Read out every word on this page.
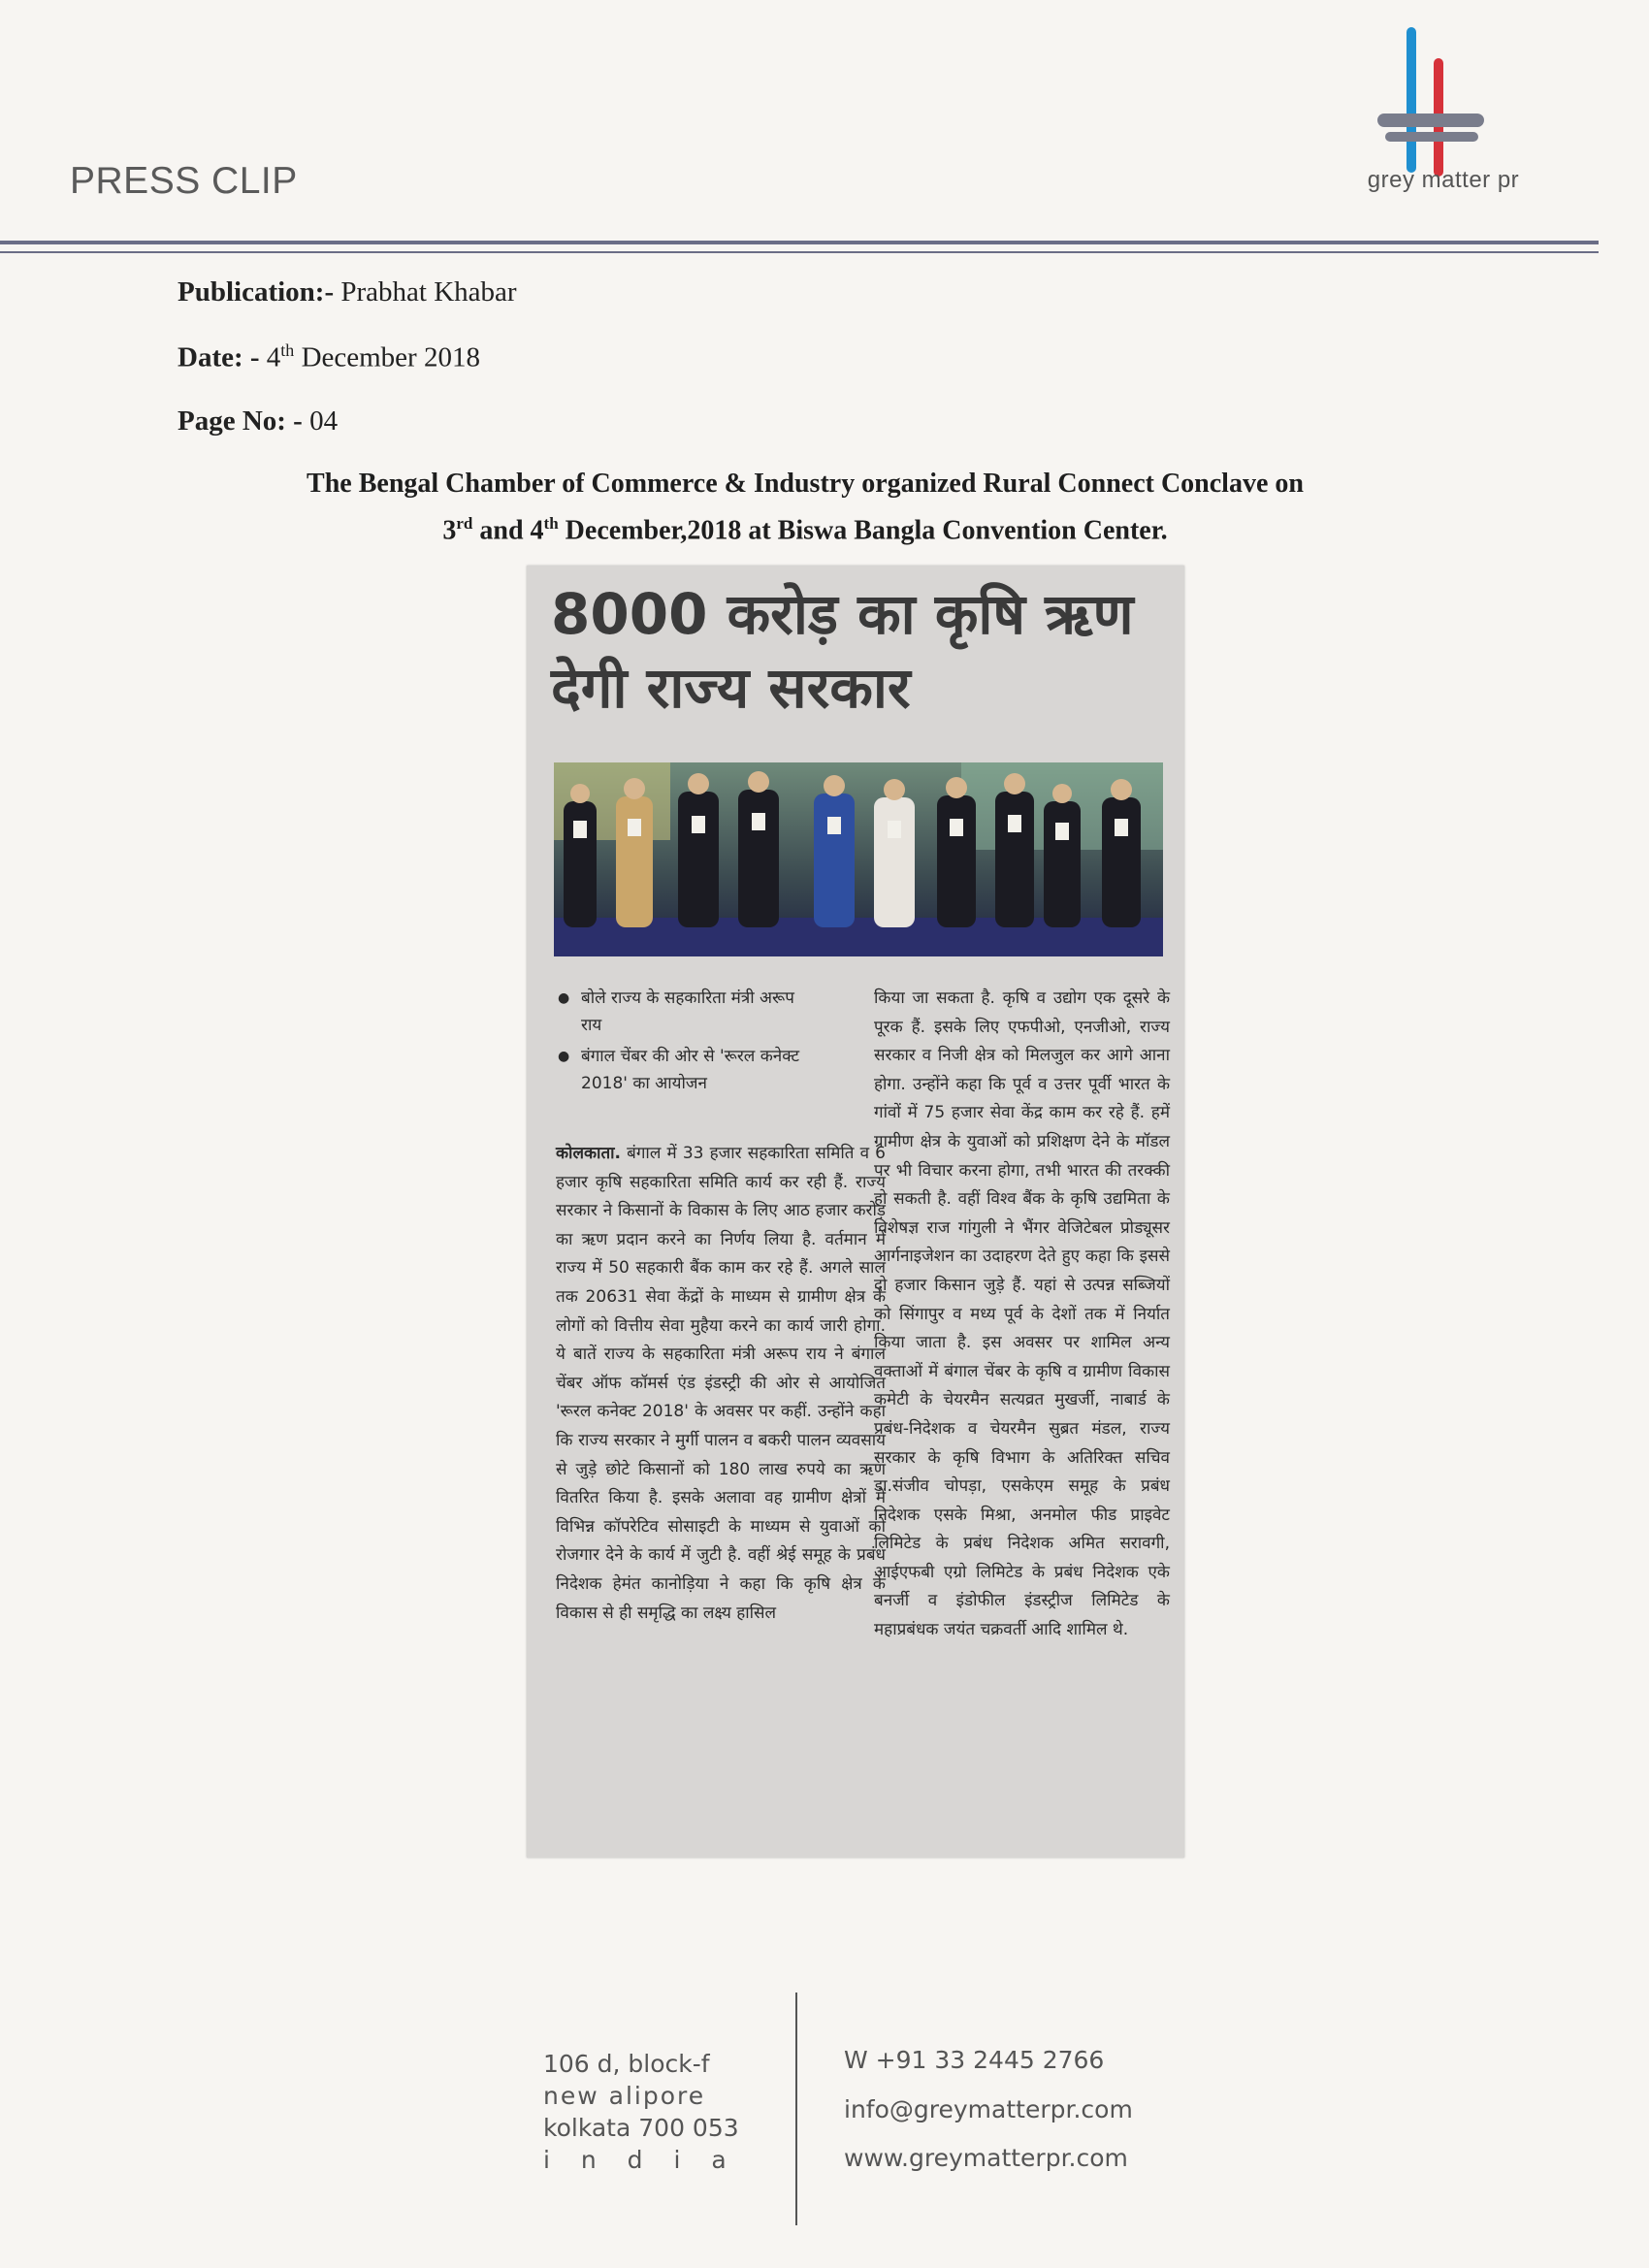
PRESS CLIP	grey matter pr
Publication:- Prabhat Khabar
Date: - 4th December 2018
Page No: - 04
The Bengal Chamber of Commerce & Industry organized Rural Connect Conclave on
3rd and 4th December,2018 at Biswa Bangla Convention Center.
8000 करोड़ का कृषि ऋण
देगी राज्य सरकार
● बोले राज्य के सहकारिता मंत्री अरूप राय
● बंगाल चेंबर की ओर से 'रूरल कनेक्ट 2018' का आयोजन
कोलकाता. बंगाल में 33 हजार सहकारिता समिति व 6 हजार कृषि सहकारिता समिति कार्य कर रही हैं. राज्य सरकार ने किसानों के विकास के लिए आठ हजार करोड़ का ऋण प्रदान करने का निर्णय लिया है. वर्तमान में राज्य में 50 सहकारी बैंक काम कर रहे हैं. अगले साल तक 20631 सेवा केंद्रों के माध्यम से ग्रामीण क्षेत्र के लोगों को वित्तीय सेवा मुहैया करने का कार्य जारी होगा. ये बातें राज्य के सहकारिता मंत्री अरूप राय ने बंगाल चेंबर ऑफ कॉमर्स एंड इंडस्ट्री की ओर से आयोजित 'रूरल कनेक्ट 2018' के अवसर पर कहीं. उन्होंने कहा कि राज्य सरकार ने मुर्गी पालन व बकरी पालन व्यवसाय से जुड़े छोटे किसानों को 180 लाख रुपये का ऋण वितरित किया है. इसके अलावा वह ग्रामीण क्षेत्रों में विभिन्न कॉपरेटिव सोसाइटी के माध्यम से युवाओं को रोजगार देने के कार्य में जुटी है. वहीं श्रेई समूह के प्रबंध निदेशक हेमंत कानोड़िया ने कहा कि कृषि क्षेत्र के विकास से ही समृद्धि का लक्ष्य हासिल
किया जा सकता है. कृषि व उद्योग एक दूसरे के पूरक हैं. इसके लिए एफपीओ, एनजीओ, राज्य सरकार व निजी क्षेत्र को मिलजुल कर आगे आना होगा. उन्होंने कहा कि पूर्व व उत्तर पूर्वी भारत के गांवों में 75 हजार सेवा केंद्र काम कर रहे हैं. हमें ग्रामीण क्षेत्र के युवाओं को प्रशिक्षण देने के मॉडल पर भी विचार करना होगा, तभी भारत की तरक्की हो सकती है. वहीं विश्व बैंक के कृषि उद्यमिता के विशेषज्ञ राज गांगुली ने भैंगर वेजिटेबल प्रोड्यूसर आर्गनाइजेशन का उदाहरण देते हुए कहा कि इससे दो हजार किसान जुड़े हैं. यहां से उत्पन्न सब्जियों को सिंगापुर व मध्य पूर्व के देशों तक में निर्यात किया जाता है. इस अवसर पर शामिल अन्य वक्ताओं में बंगाल चेंबर के कृषि व ग्रामीण विकास कमेटी के चेयरमैन सत्यव्रत मुखर्जी, नाबार्ड के प्रबंध-निदेशक व चेयरमैन सुब्रत मंडल, राज्य सरकार के कृषि विभाग के अतिरिक्त सचिव डा.संजीव चोपड़ा, एसकेएम समूह के प्रबंध निदेशक एसके मिश्रा, अनमोल फीड प्राइवेट लिमिटेड के प्रबंध निदेशक अमित सरावगी, आईएफबी एग्रो लिमिटेड के प्रबंध निदेशक एके बनर्जी व इंडोफील इंडस्ट्रीज लिमिटेड के महाप्रबंधक जयंत चक्रवर्ती आदि शामिल थे.
106 d, block-f
new alipore
kolkata 700 053
i n d i a
W +91 33 2445 2766
info@greymatterpr.com
www.greymatterpr.com
